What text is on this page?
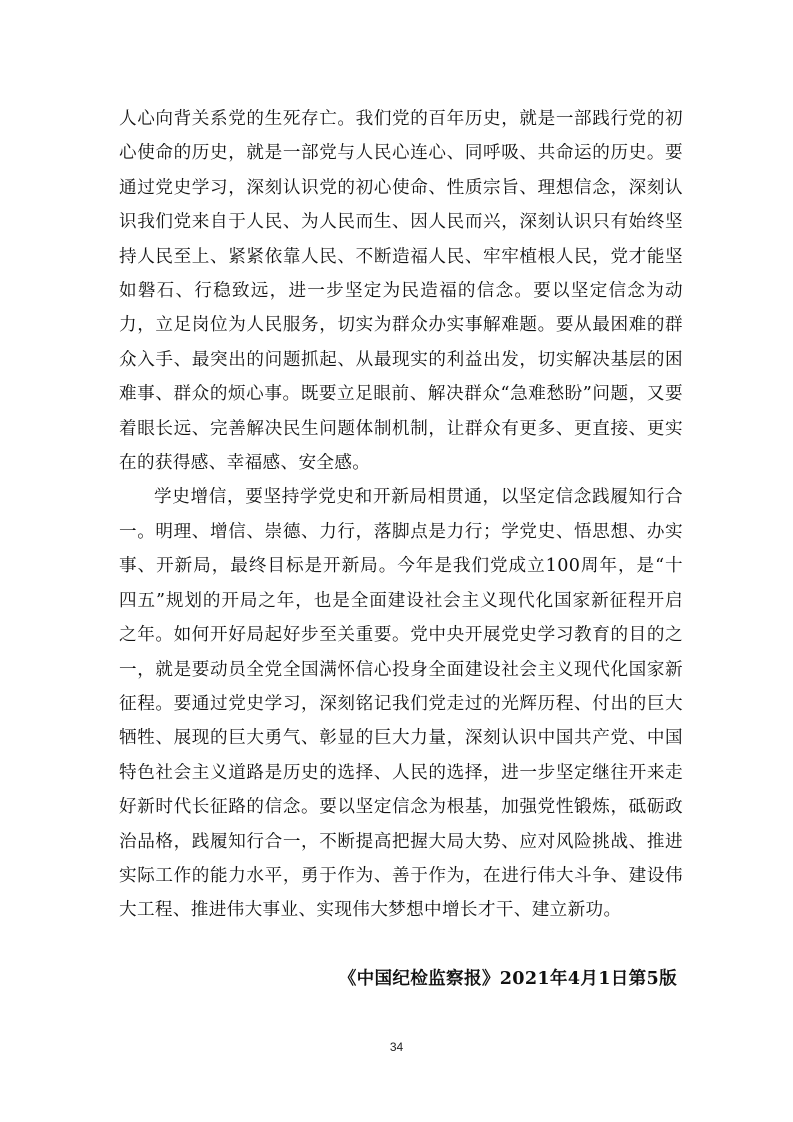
人心向背关系党的生死存亡。我们党的百年历史，就是一部践行党的初心使命的历史，就是一部党与人民心连心、同呼吸、共命运的历史。要通过党史学习，深刻认识党的初心使命、性质宗旨、理想信念，深刻认识我们党来自于人民、为人民而生、因人民而兴，深刻认识只有始终坚持人民至上、紧紧依靠人民、不断造福人民、牢牢植根人民，党才能坚如磐石、行稳致远，进一步坚定为民造福的信念。要以坚定信念为动力，立足岗位为人民服务，切实为群众办实事解难题。要从最困难的群众入手、最突出的问题抓起、从最现实的利益出发，切实解决基层的困难事、群众的烦心事。既要立足眼前、解决群众“急难愁盼”问题，又要着眼长远、完善解决民生问题体制机制，让群众有更多、更直接、更实在的获得感、幸福感、安全感。

学史增信，要坚持学党史和开新局相贯通，以坚定信念践履知行合一。明理、增信、崇德、力行，落脚点是力行；学党史、悟思想、办实事、开新局，最终目标是开新局。今年是我们党成立100周年，是“十四五”规划的开局之年，也是全面建设社会主义现代化国家新征程开启之年。如何开好局起好步至关重要。党中央开展党史学习教育的目的之一，就是要动员全党全国满怀信心投身全面建设社会主义现代化国家新征程。要通过党史学习，深刻铭记我们党走过的光辉历程、付出的巨大牺牲、展现的巨大勇气、彰显的巨大力量，深刻认识中国共产党、中国特色社会主义道路是历史的选择、人民的选择，进一步坚定继往开来走好新时代长征路的信念。要以坚定信念为根基，加强党性锻炼，砥砺政治品格，践履知行合一，不断提高把握大局大势、应对风险挑战、推进实际工作的能力水平，勇于作为、善于作为，在进行伟大斗争、建设伟大工程、推进伟大事业、实现伟大梦想中增长才干、建立新功。

《中国纪检监察报》2021年4月1日第5版
34
